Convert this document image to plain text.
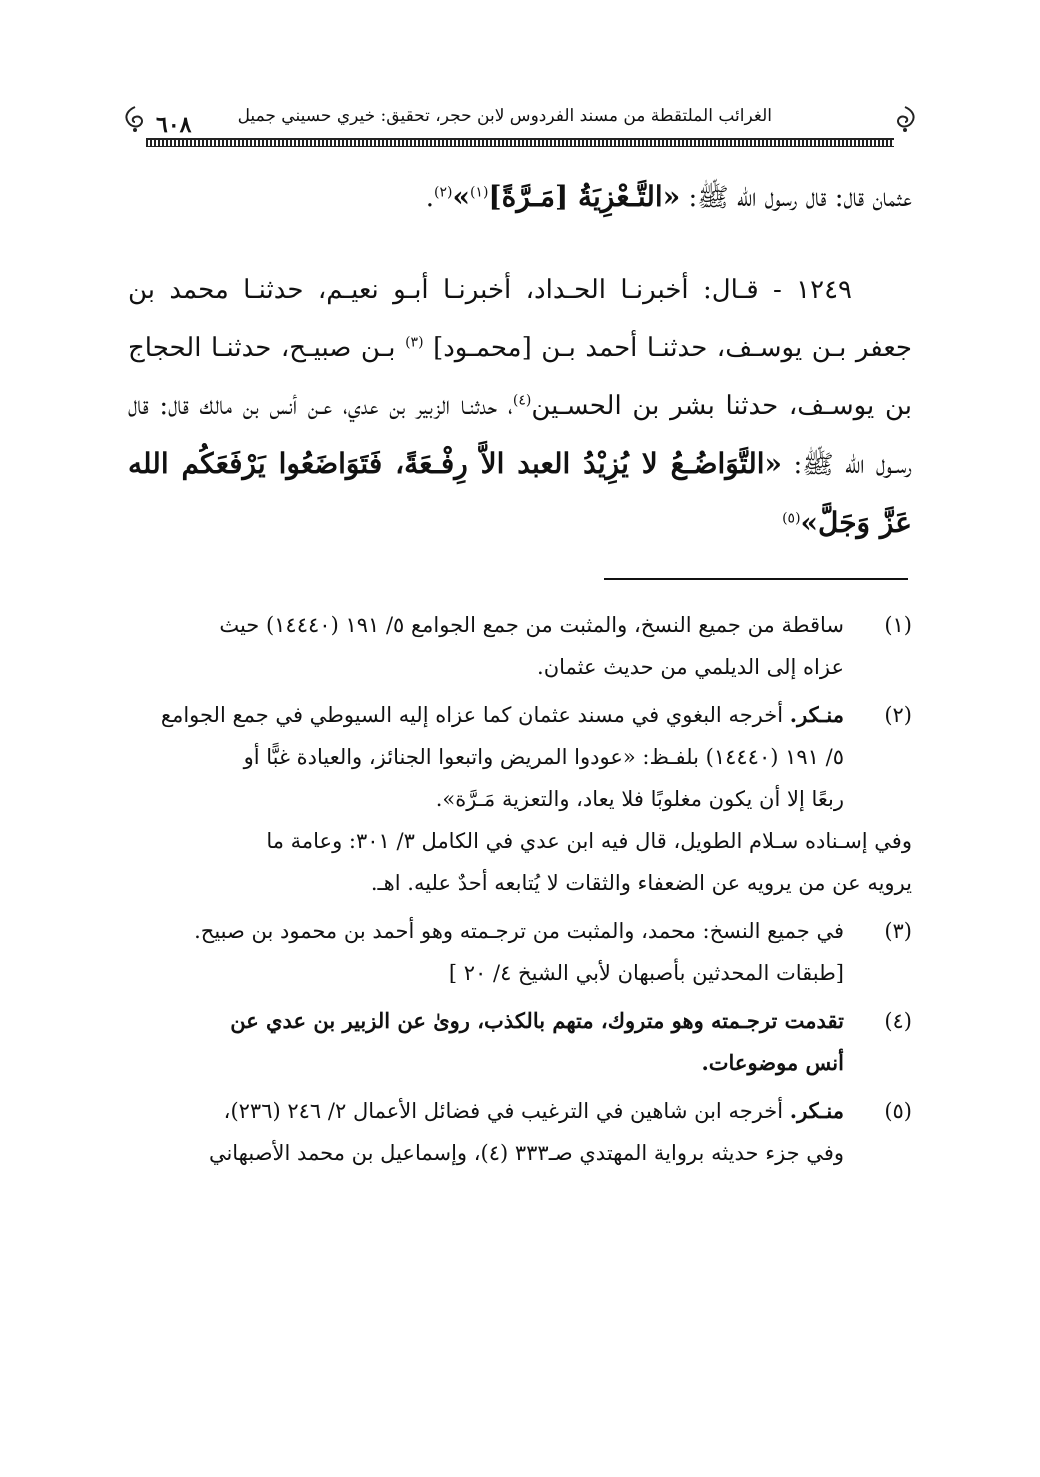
الغرائب الملتقطة من مسند الفردوس لابن حجر، تحقيق: خيري حسيني جميل
٦٠٨

عثمان قال: قال رسول الله ﷺ: «التَّـعْزِيَةُ [مَـرَّةً]$^{(١)}$»$^{(٢)}$.

١٢٤٩ - قـال: أخبرنـا الحـداد، أخبرنـا أبـو نعيـم، حدثنـا محمد بن جعفر بـن يوسـف، حدثنـا أحمد بـن [محمـود] $^{(٣)}$ بـن صبيـح، حدثنـا الحجاج بن يوسـف، حدثنا بشر بن الحسـين$^{(٤)}$، حدثنـا الزبير بن عدي، عـن أنس بن مالك قال: قال رسـول الله ﷺ: «التَّوَاضُـعُ لا يُزِيْدُ العبد الاَّ رِفْـعَةً، فَتَوَاضَعُوا يَرْفَعَكُم الله عَزَّ وَجَلَّ»$^{(٥)}$

(١)
ساقطة من جميع النسخ، والمثبت من جمع الجوامع ٥/ ١٩١ (١٤٤٤٠) حيث
عزاه إلى الديلمي من حديث عثمان.
(٢)
منـكر. أخرجه البغوي في مسند عثمان كما عزاه إليه السيوطي في جمع الجوامع
٥/ ١٩١ (١٤٤٤٠) بلفـظ: «عودوا المريض واتبعوا الجنائز، والعيادة غبًّا أو
ربعًا إلا أن يكون مغلوبًا فلا يعاد، والتعزية مَـرَّة».

وفي إسـناده سـلام الطويل، قال فيه ابن عدي في الكامل ٣/ ٣٠١: وعامة ما
يرويه عن من يرويه عن الضعفاء والثقات لا يُتابعه أحدٌ عليه. اهـ.

(٣)
في جميع النسخ: محمد، والمثبت من ترجـمته وهو أحمد بن محمود بن صبيح.
[طبقات المحدثين بأصبهان لأبي الشيخ ٤/ ٢٠ ]
(٤)
تقدمت ترجـمته وهو متروك، متهم بالكذب، روىٰ عن الزبير بن عدي عن
أنس موضوعات.
(٥)
منـكر. أخرجه ابن شاهين في الترغيب في فضائل الأعمال ٢/ ٢٤٦ (٢٣٦)،
وفي جزء حديثه برواية المهتدي صـ٣٣٣ (٤)، وإسماعيل بن محمد الأصبهاني
